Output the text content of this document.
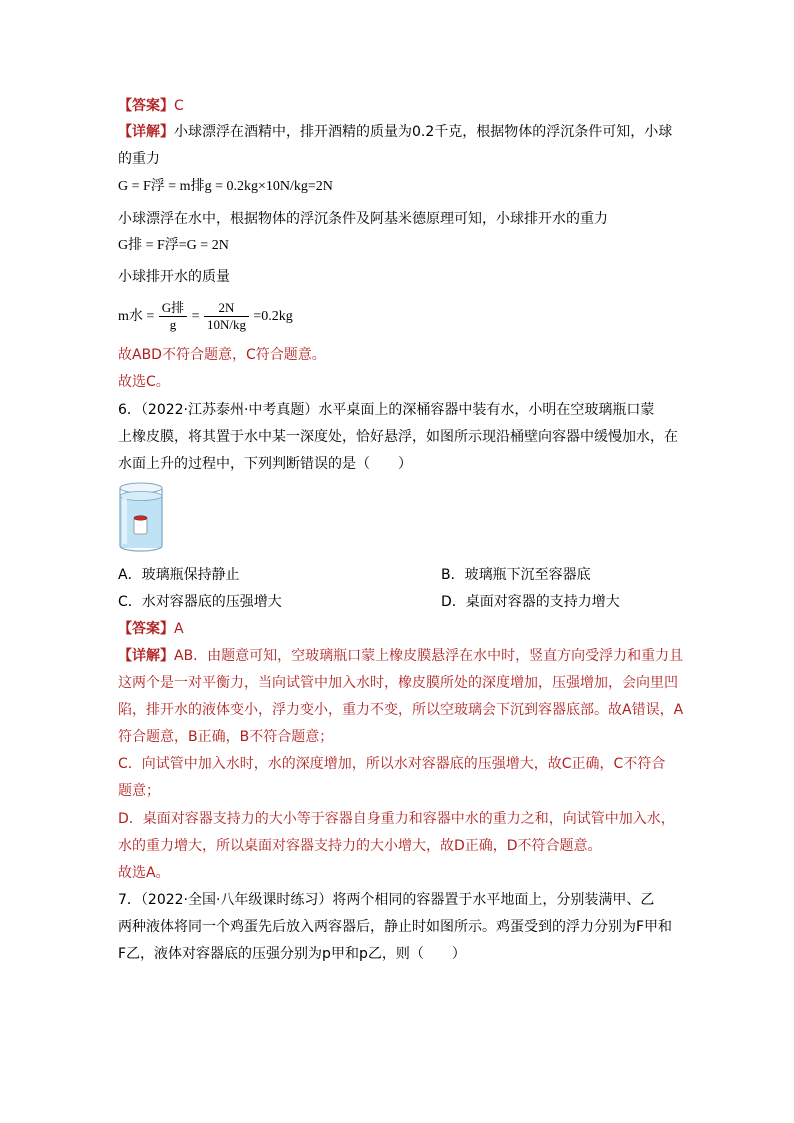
【答案】C
【详解】小球漂浮在酒精中，排开酒精的质量为0.2千克，根据物体的浮沉条件可知，小球
的重力
G = F浮 = m排g = 0.2kg×10N/kg=2N
小球漂浮在水中，根据物体的浮沉条件及阿基米德原理可知，小球排开水的重力
G排 = F浮=G = 2N
小球排开水的质量
m水 = $\frac{\text{G排}}{g} = \frac{2N}{10N/kg} =0.2kg$
故ABD不符合题意，C符合题意。
故选C。
6．（2022·江苏泰州·中考真题）水平桌面上的深桶容器中装有水，小明在空玻璃瓶口蒙
上橡皮膜，将其置于水中某一深度处，恰好悬浮，如图所示现沿桶壁向容器中缓慢加水，在
水面上升的过程中，下列判断错误的是（　　）
A．玻璃瓶保持静止	B．玻璃瓶下沉至容器底
C．水对容器底的压强增大	D．桌面对容器的支持力增大
【答案】A
【详解】AB．由题意可知，空玻璃瓶口蒙上橡皮膜悬浮在水中时，竖直方向受浮力和重力且
这两个是一对平衡力，当向试管中加入水时，橡皮膜所处的深度增加，压强增加，会向里凹
陷，排开水的液体变小，浮力变小，重力不变，所以空玻璃会下沉到容器底部。故A错误，A
符合题意，B正确，B不符合题意；
C．向试管中加入水时，水的深度增加，所以水对容器底的压强增大，故C正确，C不符合
题意；
D．桌面对容器支持力的大小等于容器自身重力和容器中水的重力之和，向试管中加入水，
水的重力增大，所以桌面对容器支持力的大小增大，故D正确，D不符合题意。
故选A。
7．（2022·全国·八年级课时练习）将两个相同的容器置于水平地面上，分别装满甲、乙
两种液体将同一个鸡蛋先后放入两容器后，静止时如图所示。鸡蛋受到的浮力分别为F甲和
F乙，液体对容器底的压强分别为p甲和p乙，则（　　）
